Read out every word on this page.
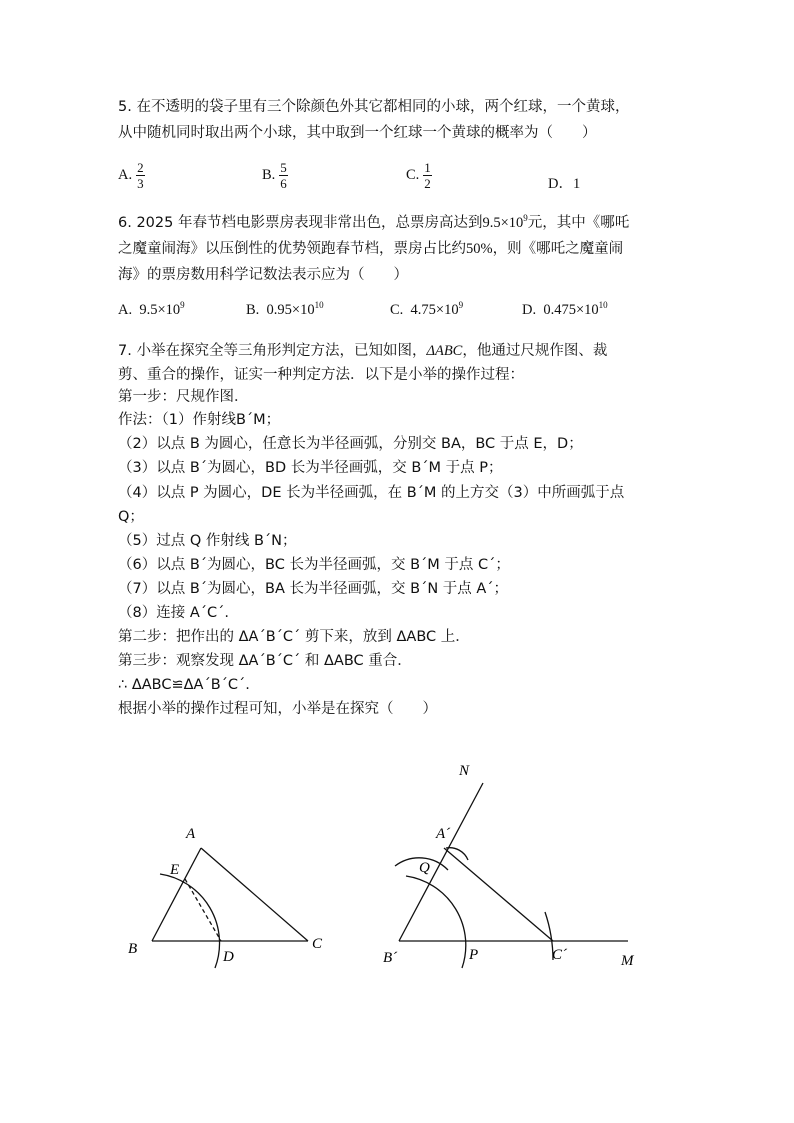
5. 在不透明的袋子里有三个除颜色外其它都相同的小球，两个红球，一个黄球，
从中随机同时取出两个小球，其中取到一个红球一个黄球的概率为（　　）
A. $\frac{2}{3}$	B. $\frac{5}{6}$	C. $\frac{1}{2}$	D．1
6. 2025 年春节档电影票房表现非常出色，总票房高达到$9.5\times 10^9$元，其中《哪吒
之魔童闹海》以压倒性的优势领跑春节档，票房占比约50%，则《哪吒之魔童闹
海》的票房数用科学记数法表示应为（　　）
A. $9.5\times 10^9$	B. $0.95\times 10^{10}$	C. $4.75\times 10^9$	D. $0.475\times 10^{10}$
7. 小举在探究全等三角形判定方法，已知如图，ΔABC，他通过尺规作图、裁
剪、重合的操作，证实一种判定方法．以下是小举的操作过程：
第一步：尺规作图．
作法：（1）作射线B´M；
（2）以点 B 为圆心，任意长为半径画弧，分别交 BA，BC 于点 E，D；
（3）以点 B´为圆心，BD 长为半径画弧，交 B´M 于点 P；
（4）以点 P 为圆心，DE 长为半径画弧，在 B´M 的上方交（3）中所画弧于点
Q；
（5）过点 Q 作射线 B´N；
（6）以点 B´为圆心，BC 长为半径画弧，交 B´M 于点 C´；
（7）以点 B´为圆心，BA 长为半径画弧，交 B´N 于点 A´；
（8）连接 A´C´.
第二步：把作出的 ΔA´B´C´ 剪下来，放到 ΔABC 上．
第三步：观察发现 ΔA´B´C´ 和 ΔABC 重合．
∴ ΔABC≌ΔA´B´C´.
根据小举的操作过程可知，小举是在探究（　　）
A
E
B	D
C
N
A´
Q
B´	P	C´	M
